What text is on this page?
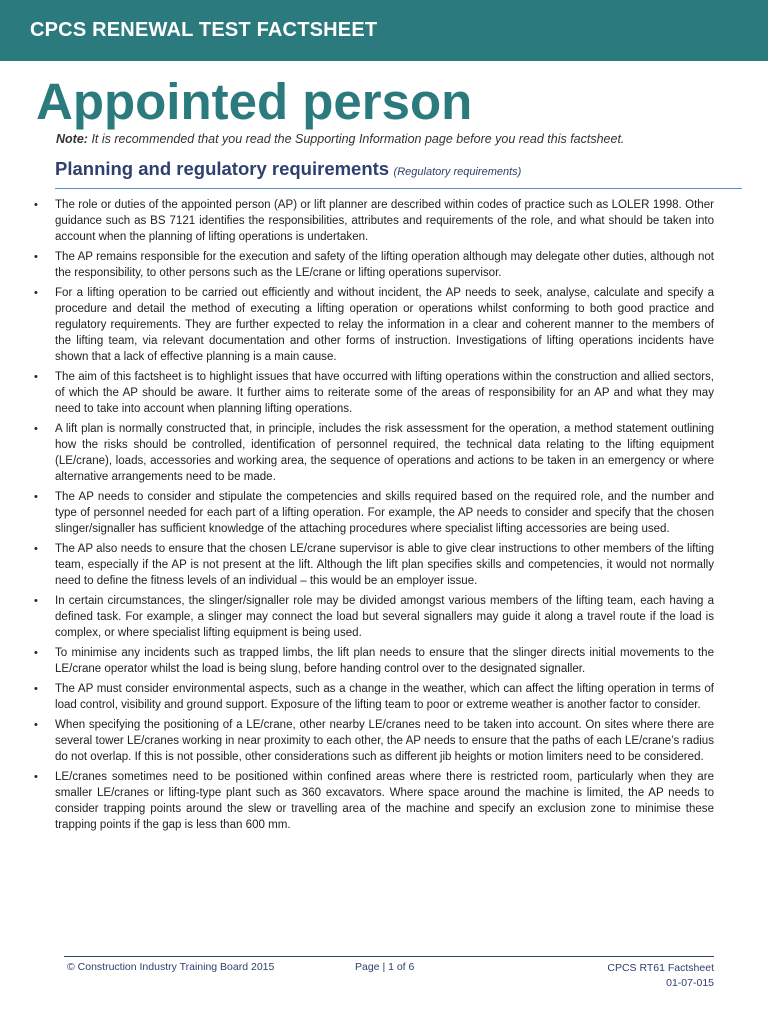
CPCS RENEWAL TEST FACTSHEET
Appointed person
Note: It is recommended that you read the Supporting Information page before you read this factsheet.
Planning and regulatory requirements (Regulatory requirements)
• The role or duties of the appointed person (AP) or lift planner are described within codes of practice such as LOLER 1998. Other guidance such as BS 7121 identifies the responsibilities, attributes and requirements of the role, and what should be taken into account when the planning of lifting operations is undertaken.
• The AP remains responsible for the execution and safety of the lifting operation although may delegate other duties, although not the responsibility, to other persons such as the LE/crane or lifting operations supervisor.
• For a lifting operation to be carried out efficiently and without incident, the AP needs to seek, analyse, calculate and specify a procedure and detail the method of executing a lifting operation or operations whilst conforming to both good practice and regulatory requirements. They are further expected to relay the information in a clear and coherent manner to the members of the lifting team, via relevant documentation and other forms of instruction. Investigations of lifting operations incidents have shown that a lack of effective planning is a main cause.
• The aim of this factsheet is to highlight issues that have occurred with lifting operations within the construction and allied sectors, of which the AP should be aware. It further aims to reiterate some of the areas of responsibility for an AP and what they may need to take into account when planning lifting operations.
• A lift plan is normally constructed that, in principle, includes the risk assessment for the operation, a method statement outlining how the risks should be controlled, identification of personnel required, the technical data relating to the lifting equipment (LE/crane), loads, accessories and working area, the sequence of operations and actions to be taken in an emergency or where alternative arrangements need to be made.
• The AP needs to consider and stipulate the competencies and skills required based on the required role, and the number and type of personnel needed for each part of a lifting operation. For example, the AP needs to consider and specify that the chosen slinger/signaller has sufficient knowledge of the attaching procedures where specialist lifting accessories are being used.
• The AP also needs to ensure that the chosen LE/crane supervisor is able to give clear instructions to other members of the lifting team, especially if the AP is not present at the lift. Although the lift plan specifies skills and competencies, it would not normally need to define the fitness levels of an individual – this would be an employer issue.
• In certain circumstances, the slinger/signaller role may be divided amongst various members of the lifting team, each having a defined task. For example, a slinger may connect the load but several signallers may guide it along a travel route if the load is complex, or where specialist lifting equipment is being used.
• To minimise any incidents such as trapped limbs, the lift plan needs to ensure that the slinger directs initial movements to the LE/crane operator whilst the load is being slung, before handing control over to the designated signaller.
• The AP must consider environmental aspects, such as a change in the weather, which can affect the lifting operation in terms of load control, visibility and ground support. Exposure of the lifting team to poor or extreme weather is another factor to consider.
• When specifying the positioning of a LE/crane, other nearby LE/cranes need to be taken into account. On sites where there are several tower LE/cranes working in near proximity to each other, the AP needs to ensure that the paths of each LE/crane’s radius do not overlap. If this is not possible, other considerations such as different jib heights or motion limiters need to be considered.
• LE/cranes sometimes need to be positioned within confined areas where there is restricted room, particularly when they are smaller LE/cranes or lifting-type plant such as 360 excavators. Where space around the machine is limited, the AP needs to consider trapping points around the slew or travelling area of the machine and specify an exclusion zone to minimise these trapping points if the gap is less than 600 mm.
© Construction Industry Training Board 2015	Page | 1 of 6	CPCS RT61 Factsheet
01-07-015
